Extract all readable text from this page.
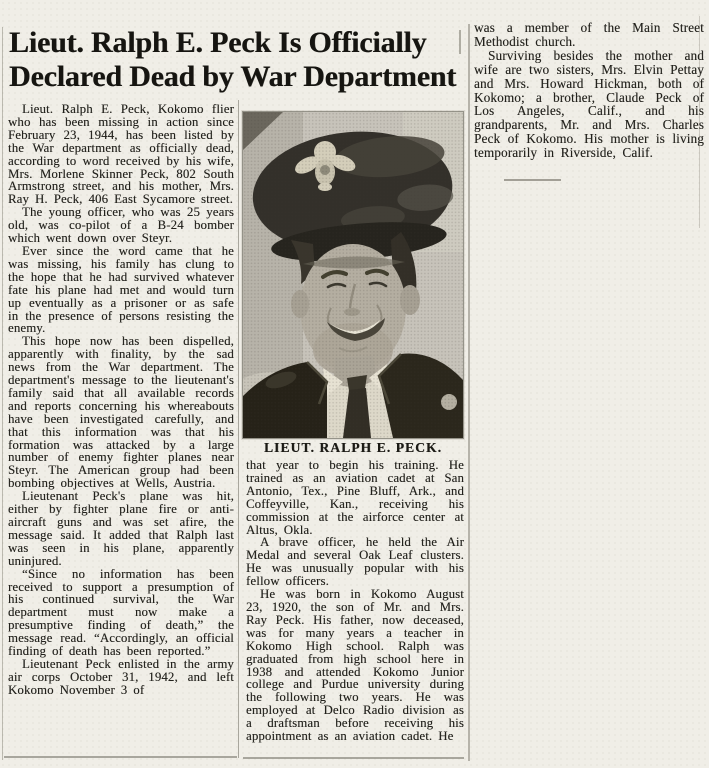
Lieut. Ralph E. Peck Is Officially
Declared Dead by War Department

Lieut. Ralph E. Peck, Kokomo flier who has been missing in action since February 23, 1944, has been listed by the War department as officially dead, according to word received by his wife, Mrs. Morlene Skinner Peck, 802 South Armstrong street, and his mother, Mrs. Ray H. Peck, 406 East Sycamore street.

The young officer, who was 25 years old, was co-pilot of a B-24 bomber which went down over Steyr.

Ever since the word came that he was missing, his family has clung to the hope that he had survived whatever fate his plane had met and would turn up eventually as a prisoner or as safe in the presence of persons resisting the enemy.

This hope now has been dispelled, apparently with finality, by the sad news from the War department. The department's message to the lieutenant's family said that all available records and reports concerning his whereabouts have been investigated carefully, and that this information was that his formation was attacked by a large number of enemy fighter planes near Steyr. The American group had been bombing objectives at Wells, Austria.

Lieutenant Peck's plane was hit, either by fighter plane fire or anti-aircraft guns and was set afire, the message said. It added that Ralph last was seen in his plane, apparently uninjured.

“Since no information has been received to support a presumption of his continued survival, the War department must now make a presumptive finding of death,” the message read. “Accordingly, an official finding of death has been reported.”

Lieutenant Peck enlisted in the army air corps October 31, 1942, and left Kokomo November 3 of

LIEUT. RALPH E. PECK.

that year to begin his training. He trained as an aviation cadet at San Antonio, Tex., Pine Bluff, Ark., and Coffeyville, Kan., receiving his commission at the airforce center at Altus, Okla.

A brave officer, he held the Air Medal and several Oak Leaf clusters. He was unusually popular with his fellow officers.

He was born in Kokomo August 23, 1920, the son of Mr. and Mrs. Ray Peck. His father, now deceased, was for many years a teacher in Kokomo High school. Ralph was graduated from high school here in 1938 and attended Kokomo Junior college and Purdue university during the following two years. He was employed at Delco Radio division as a draftsman before receiving his appointment as an aviation cadet. He

was a member of the Main Street Methodist church.

Surviving besides the mother and wife are two sisters, Mrs. Elvin Pettay and Mrs. Howard Hickman, both of Kokomo; a brother, Claude Peck of Los Angeles, Calif., and his grandparents, Mr. and Mrs. Charles Peck of Kokomo. His mother is living temporarily in Riverside, Calif.
